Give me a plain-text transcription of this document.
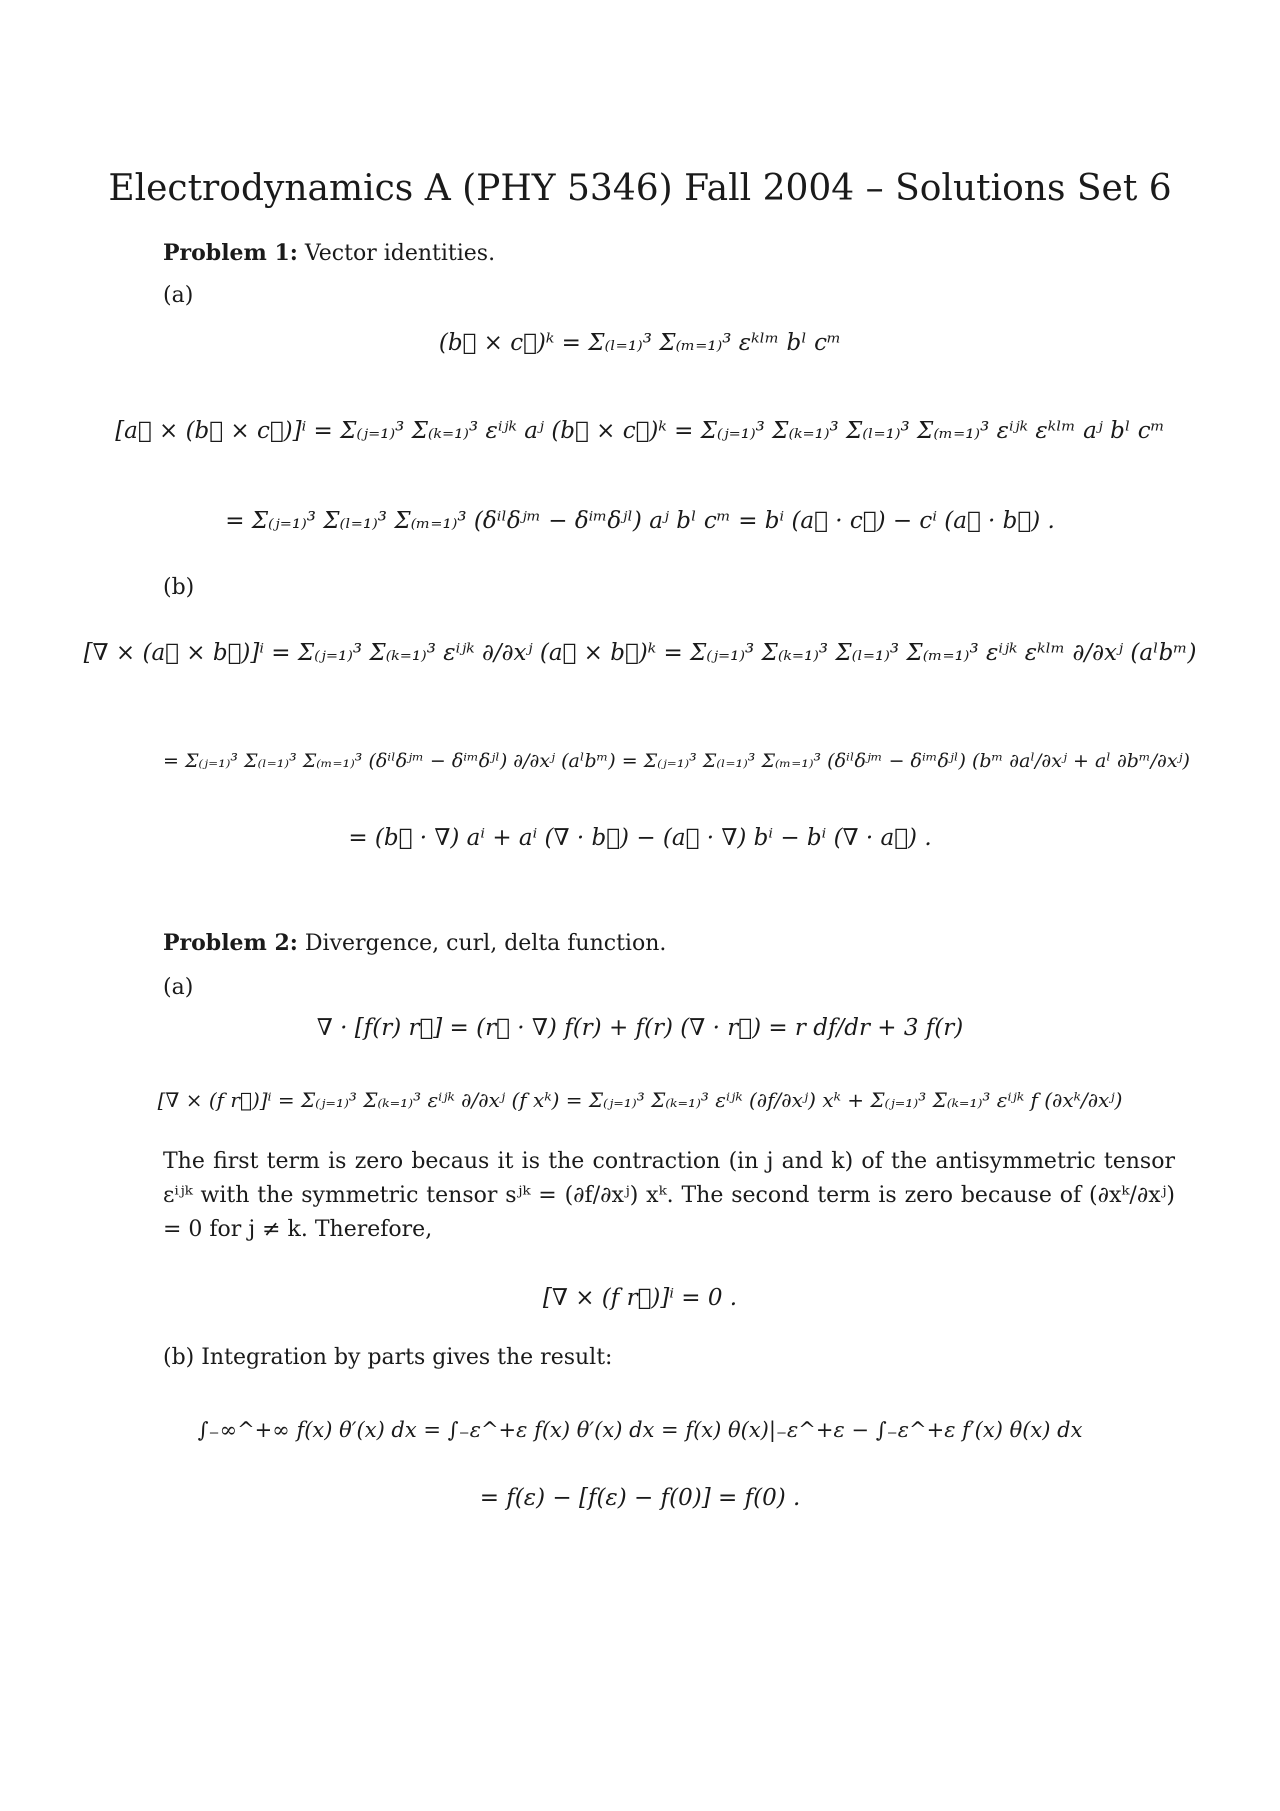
Electrodynamics A (PHY 5346) Fall 2004 – Solutions Set 6
Problem 1: Vector identities.
(a)
(b⃗ × c⃗)ᵏ = Σ₍ₗ₌₁₎³ Σ₍ₘ₌₁₎³ εᵏˡᵐ bˡ cᵐ
[a⃗ × (b⃗ × c⃗)]ⁱ = Σ₍ⱼ₌₁₎³ Σ₍ₖ₌₁₎³ εⁱʲᵏ aʲ (b⃗ × c⃗)ᵏ = Σ₍ⱼ₌₁₎³ Σ₍ₖ₌₁₎³ Σ₍ₗ₌₁₎³ Σ₍ₘ₌₁₎³ εⁱʲᵏ εᵏˡᵐ aʲ bˡ cᵐ
= Σ₍ⱼ₌₁₎³ Σ₍ₗ₌₁₎³ Σ₍ₘ₌₁₎³ (δⁱˡδʲᵐ − δⁱᵐδʲˡ) aʲ bˡ cᵐ = bⁱ (a⃗ · c⃗) − cⁱ (a⃗ · b⃗) .
(b)
[∇ × (a⃗ × b⃗)]ⁱ = Σ₍ⱼ₌₁₎³ Σ₍ₖ₌₁₎³ εⁱʲᵏ ∂/∂xʲ (a⃗ × b⃗)ᵏ = Σ₍ⱼ₌₁₎³ Σ₍ₖ₌₁₎³ Σ₍ₗ₌₁₎³ Σ₍ₘ₌₁₎³ εⁱʲᵏ εᵏˡᵐ ∂/∂xʲ (aˡbᵐ)
= Σ₍ⱼ₌₁₎³ Σ₍ₗ₌₁₎³ Σ₍ₘ₌₁₎³ (δⁱˡδʲᵐ − δⁱᵐδʲˡ) ∂/∂xʲ (aˡbᵐ) = Σ₍ⱼ₌₁₎³ Σ₍ₗ₌₁₎³ Σ₍ₘ₌₁₎³ (δⁱˡδʲᵐ − δⁱᵐδʲˡ) (bᵐ ∂aˡ/∂xʲ + aˡ ∂bᵐ/∂xʲ)
= (b⃗ · ∇) aⁱ + aⁱ (∇ · b⃗) − (a⃗ · ∇) bⁱ − bⁱ (∇ · a⃗) .
Problem 2: Divergence, curl, delta function.
(a)
∇ · [f(r) r⃗] = (r⃗ · ∇) f(r) + f(r) (∇ · r⃗) = r df/dr + 3 f(r)
[∇ × (f r⃗)]ⁱ = Σ₍ⱼ₌₁₎³ Σ₍ₖ₌₁₎³ εⁱʲᵏ ∂/∂xʲ (f xᵏ) = Σ₍ⱼ₌₁₎³ Σ₍ₖ₌₁₎³ εⁱʲᵏ (∂f/∂xʲ) xᵏ + Σ₍ⱼ₌₁₎³ Σ₍ₖ₌₁₎³ εⁱʲᵏ f (∂xᵏ/∂xʲ)
The first term is zero becaus it is the contraction (in j and k) of the antisymmetric tensor εⁱʲᵏ with the symmetric tensor sʲᵏ = (∂f/∂xʲ) xᵏ. The second term is zero because of (∂xᵏ/∂xʲ) = 0 for j ≠ k. Therefore,
[∇ × (f r⃗)]ⁱ = 0 .
(b) Integration by parts gives the result:
∫₋∞^+∞ f(x) θ′(x) dx = ∫₋ε^+ε f(x) θ′(x) dx = f(x) θ(x)|₋ε^+ε − ∫₋ε^+ε f′(x) θ(x) dx
= f(ε) − [f(ε) − f(0)] = f(0) .
